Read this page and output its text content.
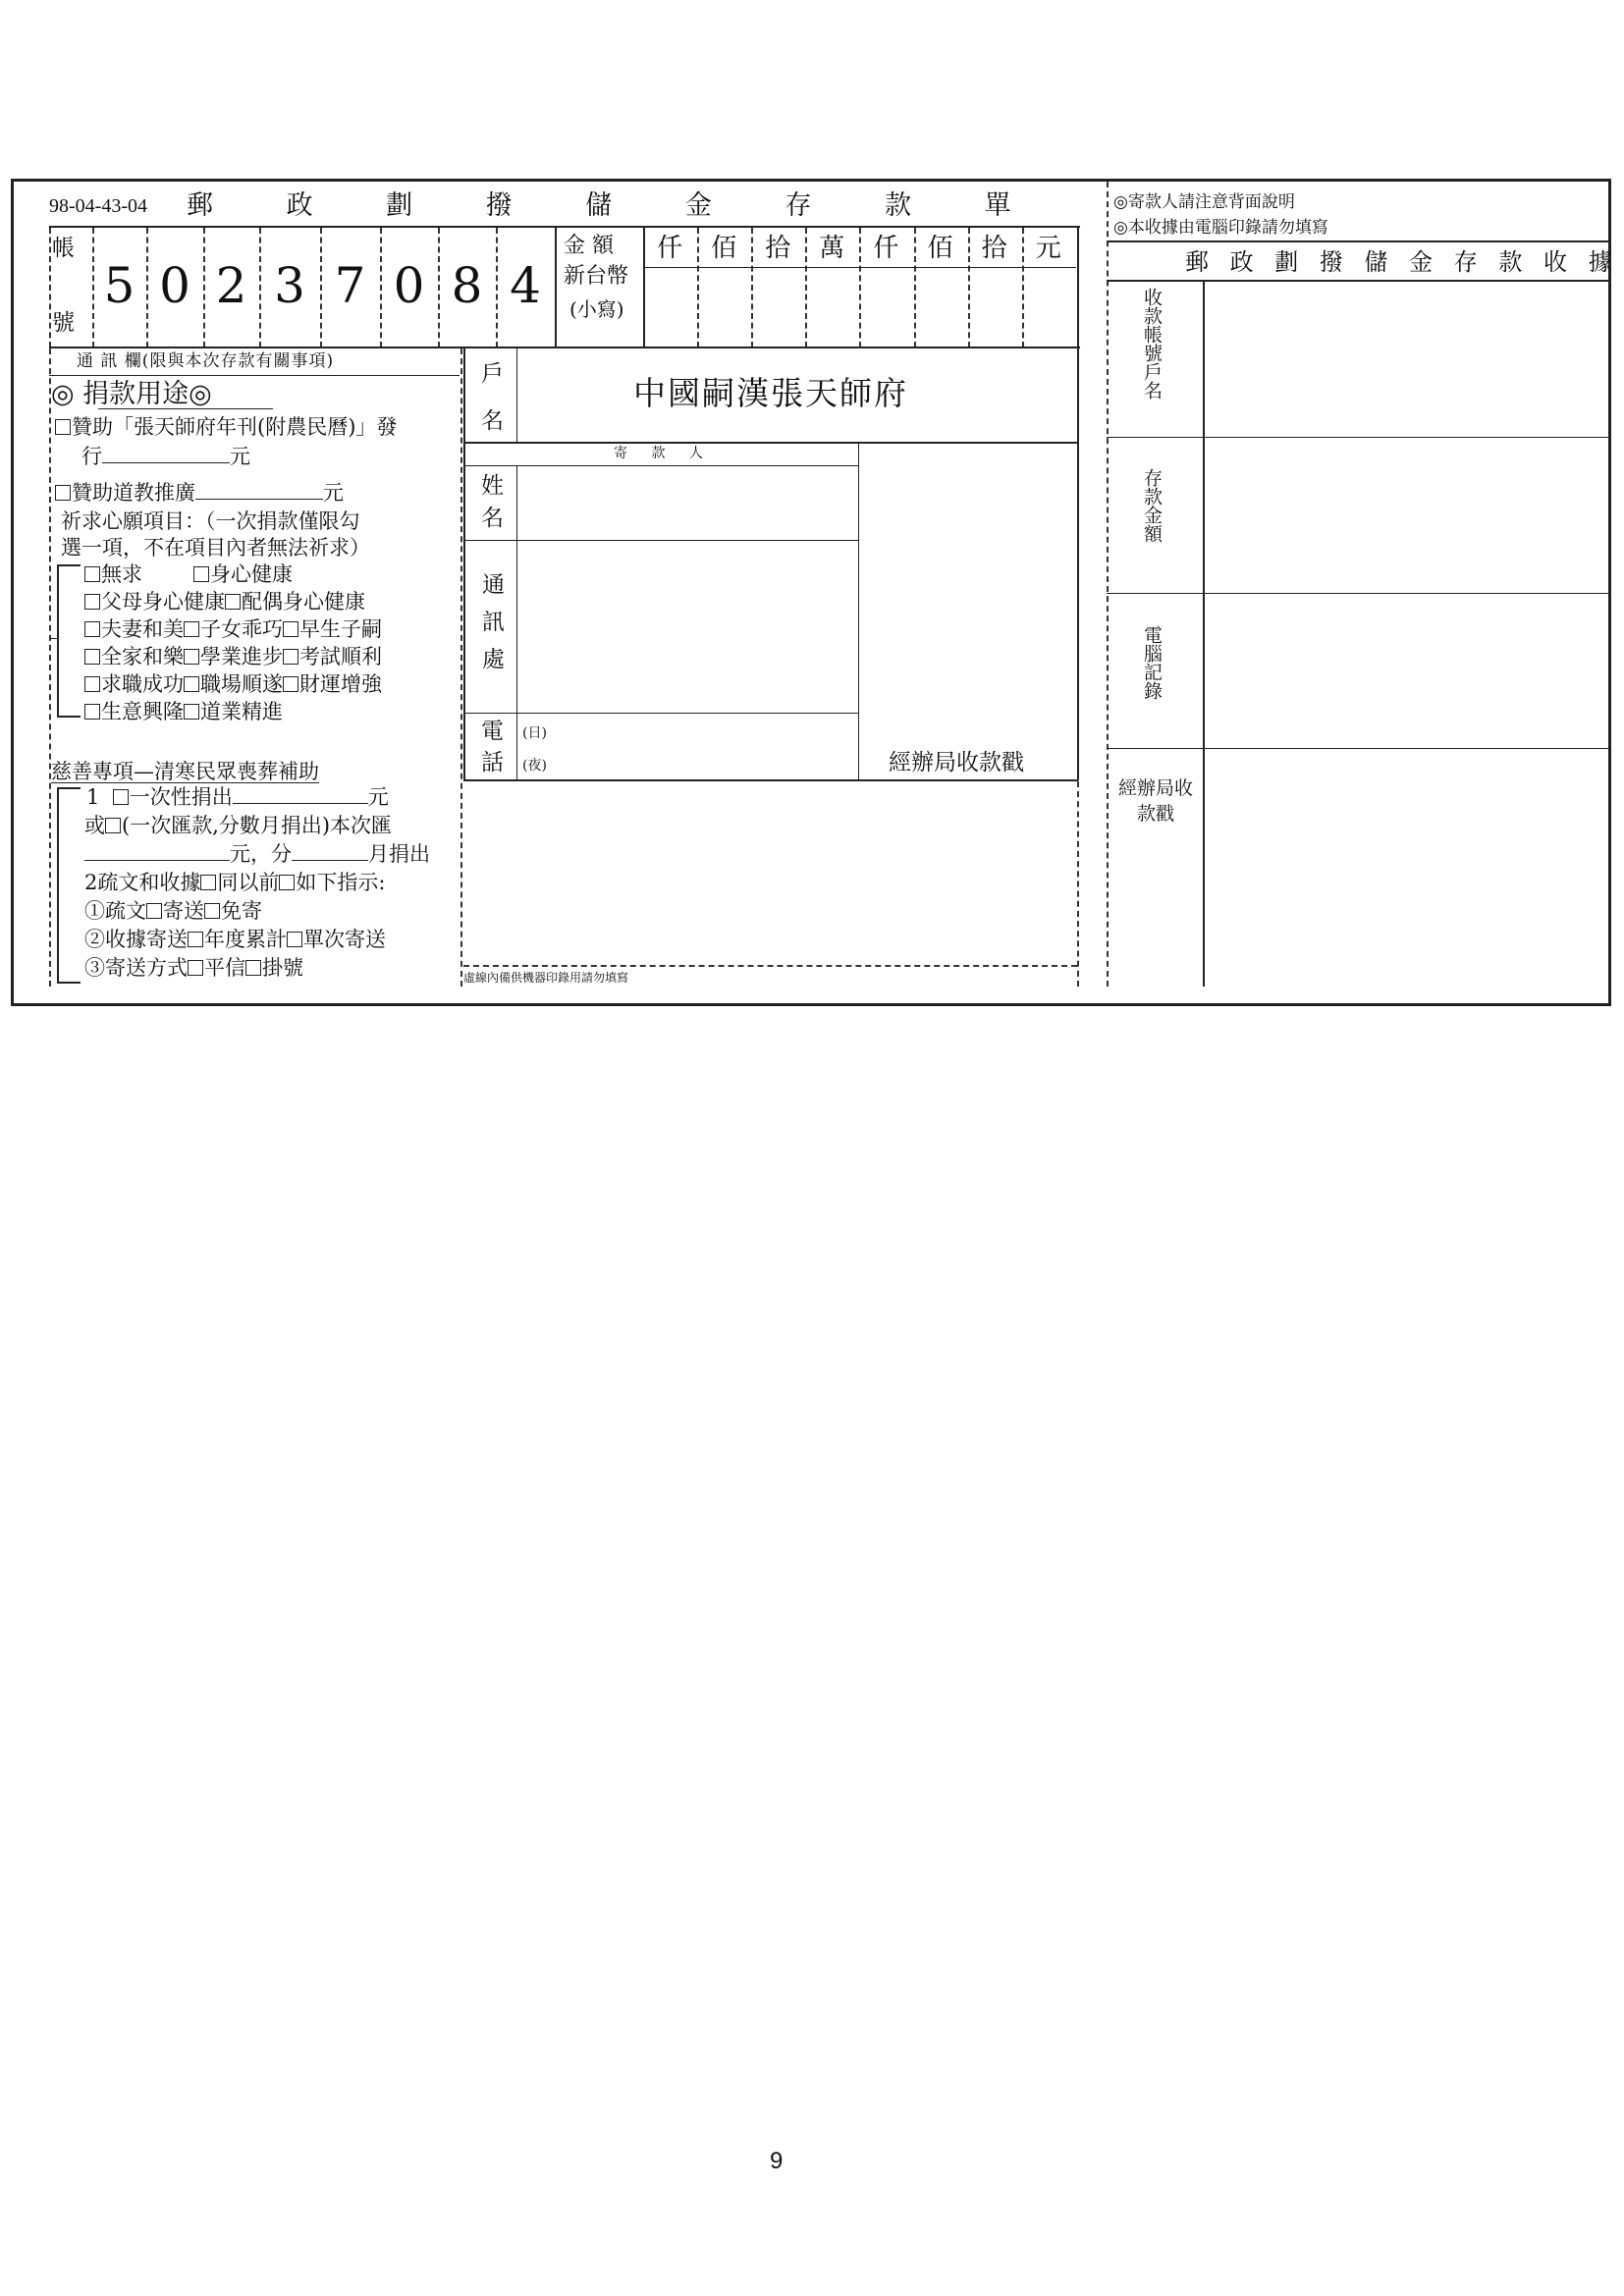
98-04-43-04 郵 政 劃 撥 儲 金 存 款 單
帳
號
5 0 2 3 7 0 8 4
金 額
新台幣
(小寫)
仟 佰 拾 萬 仟 佰 拾 元
◎寄款人請注意背面說明
◎本收據由電腦印錄請勿填寫
郵 政 劃 撥 儲 金 存 款 收 據
收款帳號戶名
存款金額
電腦記錄
經辦局收款戳
通 訊 欄(限與本次存款有關事項)
◎ 捐款用途◎
贊助「張天師府年刊(附農民曆)」發
行	元
贊助道教推廣	元
祈求心願項目：（一次捐款僅限勾
選一項，不在項目內者無法祈求）
無求	身心健康
父母身心健康 配偶身心健康
夫妻和美 子女乖巧 早生子嗣
全家和樂 學業進步 考試順利
求職成功 職場順遂 財運增強
生意興隆 道業精進
慈善專項—清寒民眾喪葬補助
1 一次性捐出	元
或 (一次匯款,分數月捐出)本次匯
元，分	月捐出
2疏文和收據 同以前 如下指示:
①疏文 寄送 免寄
②收據寄送 年度累計 單次寄送
③寄送方式 平信 掛號
戶
名
中國嗣漢張天師府
寄 款 人
姓
名
通訊處
電
話
(日)
(夜)	經辦局收款戳
虛線內備供機器印錄用請勿填寫
9
